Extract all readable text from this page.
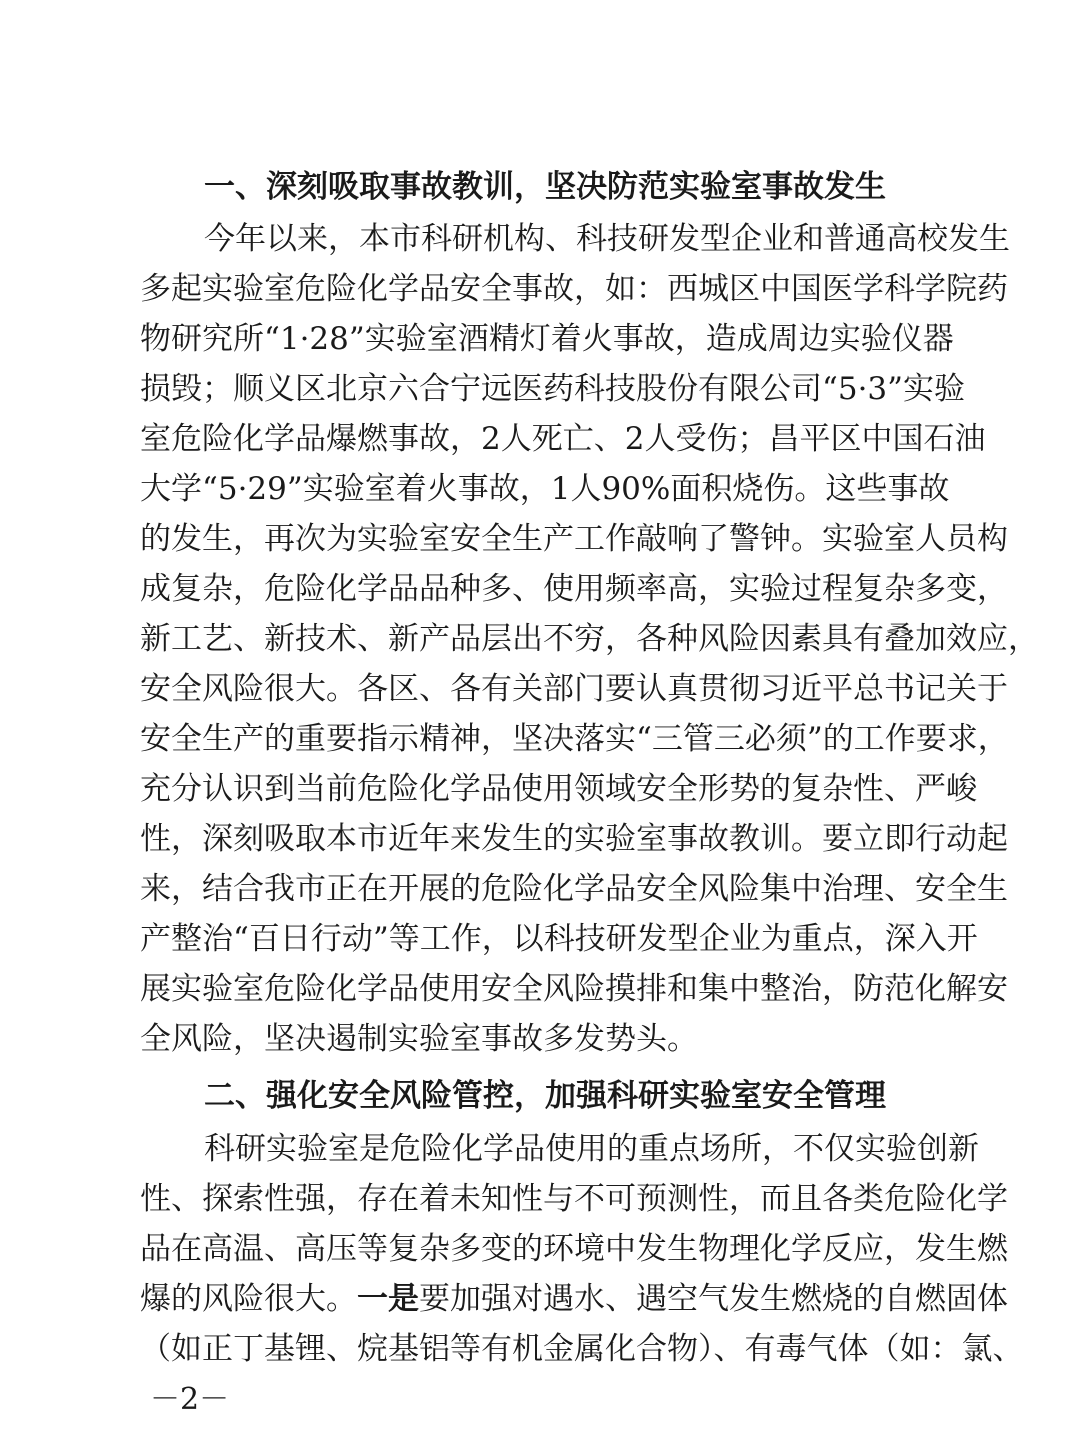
一、深刻吸取事故教训，坚决防范实验室事故发生
今年以来，本市科研机构、科技研发型企业和普通高校发生
多起实验室危险化学品安全事故，如：西城区中国医学科学院药
物研究所“1·28”实验室酒精灯着火事故，造成周边实验仪器
损毁；顺义区北京六合宁远医药科技股份有限公司“5·3”实验
室危险化学品爆燃事故，2人死亡、2人受伤；昌平区中国石油
大学“5·29”实验室着火事故，1人90%面积烧伤。这些事故
的发生，再次为实验室安全生产工作敲响了警钟。实验室人员构
成复杂，危险化学品品种多、使用频率高，实验过程复杂多变，
新工艺、新技术、新产品层出不穷，各种风险因素具有叠加效应，
安全风险很大。各区、各有关部门要认真贯彻习近平总书记关于
安全生产的重要指示精神，坚决落实“三管三必须”的工作要求，
充分认识到当前危险化学品使用领域安全形势的复杂性、严峻
性，深刻吸取本市近年来发生的实验室事故教训。要立即行动起
来，结合我市正在开展的危险化学品安全风险集中治理、安全生
产整治“百日行动”等工作，以科技研发型企业为重点，深入开
展实验室危险化学品使用安全风险摸排和集中整治，防范化解安
全风险，坚决遏制实验室事故多发势头。
二、强化安全风险管控，加强科研实验室安全管理
科研实验室是危险化学品使用的重点场所，不仅实验创新
性、探索性强，存在着未知性与不可预测性，而且各类危险化学
品在高温、高压等复杂多变的环境中发生物理化学反应，发生燃
爆的风险很大。一是要加强对遇水、遇空气发生燃烧的自燃固体
（如正丁基锂、烷基铝等有机金属化合物）、有毒气体（如：氯、
－2－
